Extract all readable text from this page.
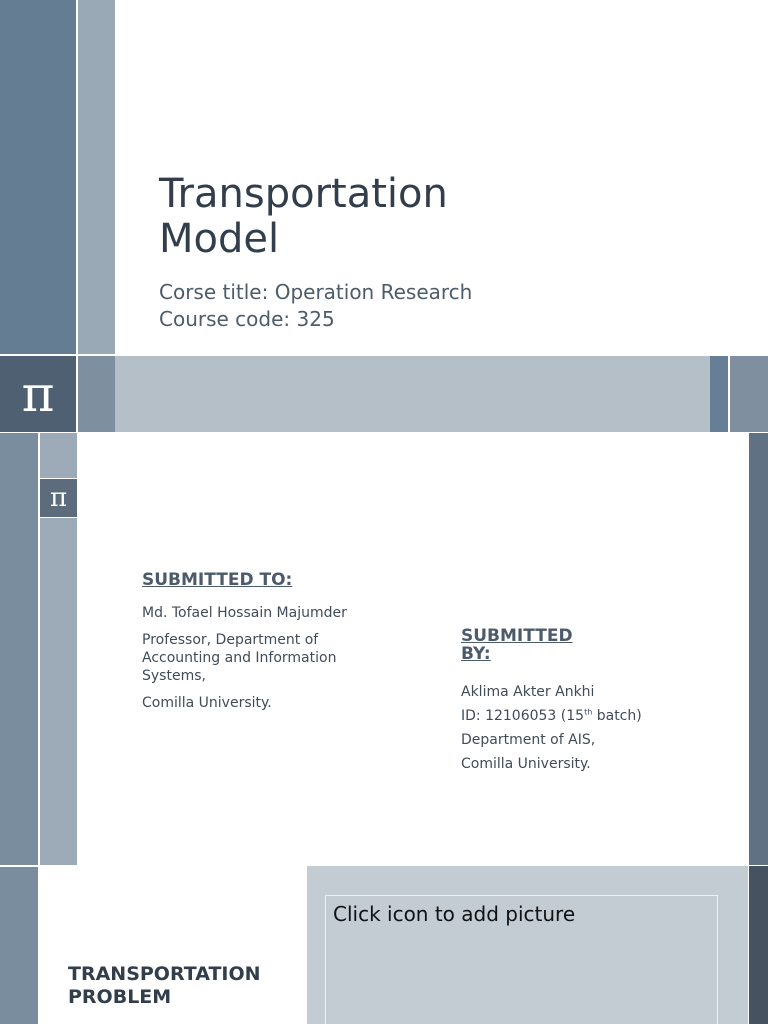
Transportation Model
Corse title: Operation Research
Course code: 325
π
π
SUBMITTED TO:

Md. Tofael Hossain Majumder

Professor, Department of Accounting and Information Systems,

Comilla University.

SUBMITTED
BY:

Aklima Akter Ankhi

ID: 12106053 (15th batch)

Department of AIS,

Comilla University.

TRANSPORTATION PROBLEM
Click icon to add picture
